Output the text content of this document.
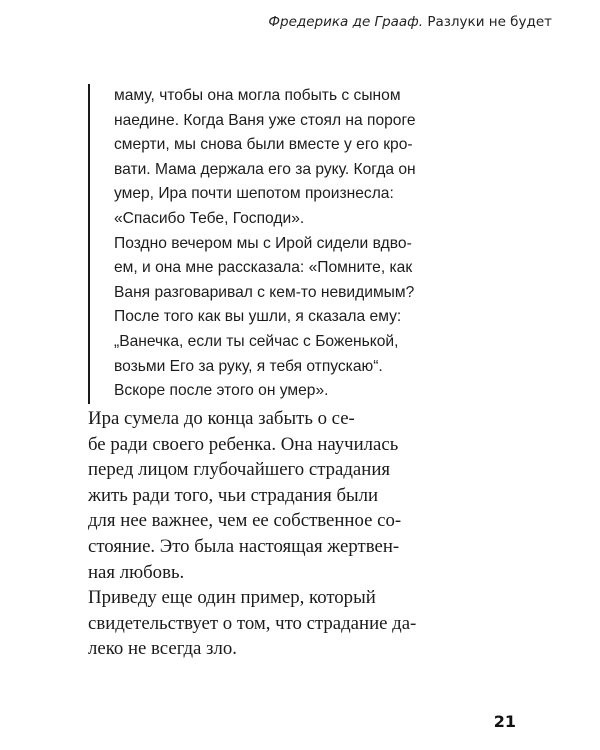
Фредерика де Грааф. Разлуки не будет
маму, чтобы она могла побыть с сыном
наедине. Когда Ваня уже стоял на пороге
смерти, мы снова были вместе у его кро-
вати. Мама держала его за руку. Когда он
умер, Ира почти шепотом произнесла:
«Спасибо Тебе, Господи».
Поздно вечером мы с Ирой сидели вдво-
ем, и она мне рассказала: «Помните, как
Ваня разговаривал с кем-то невидимым?
После того как вы ушли, я сказала ему:
„Ванечка, если ты сейчас с Боженькой,
возьми Его за руку, я тебя отпускаю“.
Вскоре после этого он умер».
Ира сумела до конца забыть о се-
бе ради своего ребенка. Она научилась
перед лицом глубочайшего страдания
жить ради того, чьи страдания были
для нее важнее, чем ее собственное со-
стояние. Это была настоящая жертвен-
ная любовь.
Приведу еще один пример, который
свидетельствует о том, что страдание да-
леко не всегда зло.
21
